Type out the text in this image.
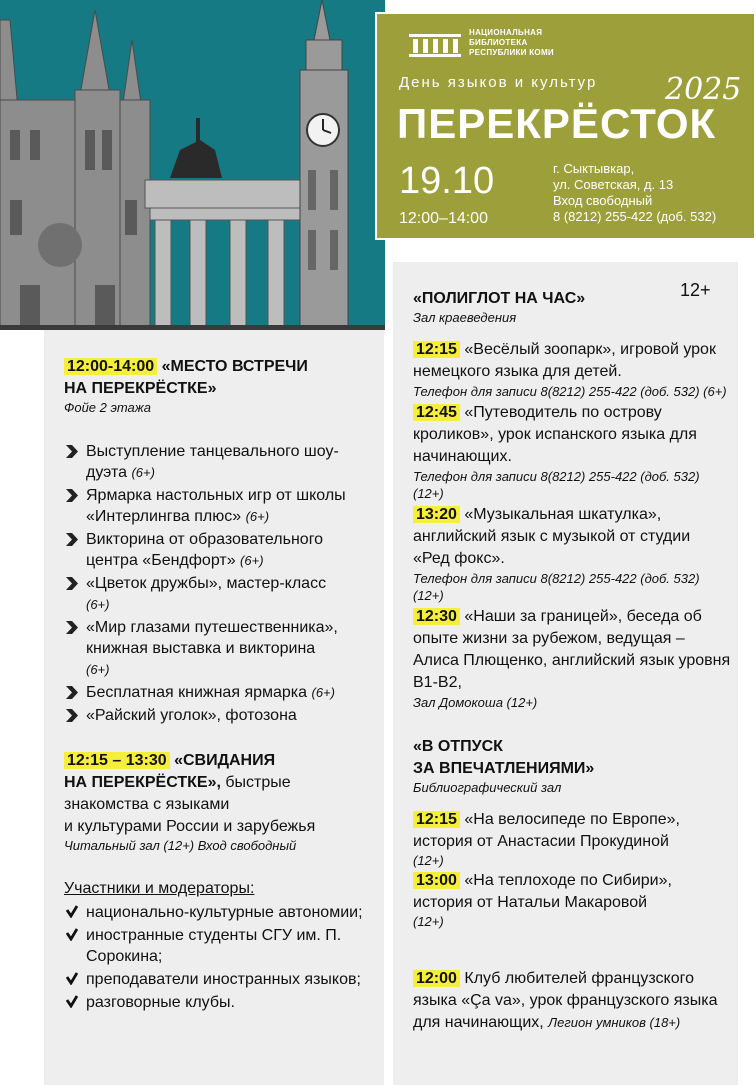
НАЦИОНАЛЬНАЯ
БИБЛИОТЕКА
РЕСПУБЛИКИ КОМИ
День языков и культур 2025
ПЕРЕКРЁСТОК
19.10
12:00–14:00
г. Сыктывкар,
ул. Советская, д. 13
Вход свободный
8 (8212) 255-422 (доб. 532)
12:00-14:00 «МЕСТО ВСТРЕЧИ
НА ПЕРЕКРЁСТКЕ»
Фойе 2 этажа
Выступление танцевального шоу-дуэта (6+)
Ярмарка настольных игр от школы «Интерлингва плюс» (6+)
Викторина от образовательного центра «Бендфорт» (6+)
«Цветок дружбы», мастер-класс
(6+)
«Мир глазами путешественника», книжная выставка и викторина
(6+)
Бесплатная книжная ярмарка (6+)
«Райский уголок», фотозона
12:15 – 13:30 «СВИДАНИЯ
НА ПЕРЕКРЁСТКЕ», быстрые
знакомства с языками
и культурами России и зарубежья
Читальный зал (12+) Вход свободный
Участники и модераторы:
национально-культурные автономии;
иностранные студенты СГУ им. П. Сорокина;
преподаватели иностранных языков;
разговорные клубы.
12+
«ПОЛИГЛОТ НА ЧАС»
Зал краеведения
12:15 «Весёлый зоопарк», игровой урок немецкого языка для детей.
Телефон для записи 8(8212) 255-422 (доб. 532) (6+)
12:45 «Путеводитель по острову кроликов», урок испанского языка для начинающих.
Телефон для записи 8(8212) 255-422 (доб. 532) (12+)
13:20 «Музыкальная шкатулка», английский язык с музыкой от студии «Ред фокс».
Телефон для записи 8(8212) 255-422 (доб. 532) (12+)
12:30 «Наши за границей», беседа об опыте жизни за рубежом, ведущая – Алиса Плющенко, английский язык уровня B1-B2,
Зал Домокоша (12+)
«В ОТПУСК
ЗА ВПЕЧАТЛЕНИЯМИ»
Библиографический зал
12:15 «На велосипеде по Европе», история от Анастасии Прокудиной
(12+)
13:00 «На теплоходе по Сибири», история от Натальи Макаровой
(12+)
12:00 Клуб любителей французского языка «Ça va», урок французского языка для начинающих, Легион умников (18+)
